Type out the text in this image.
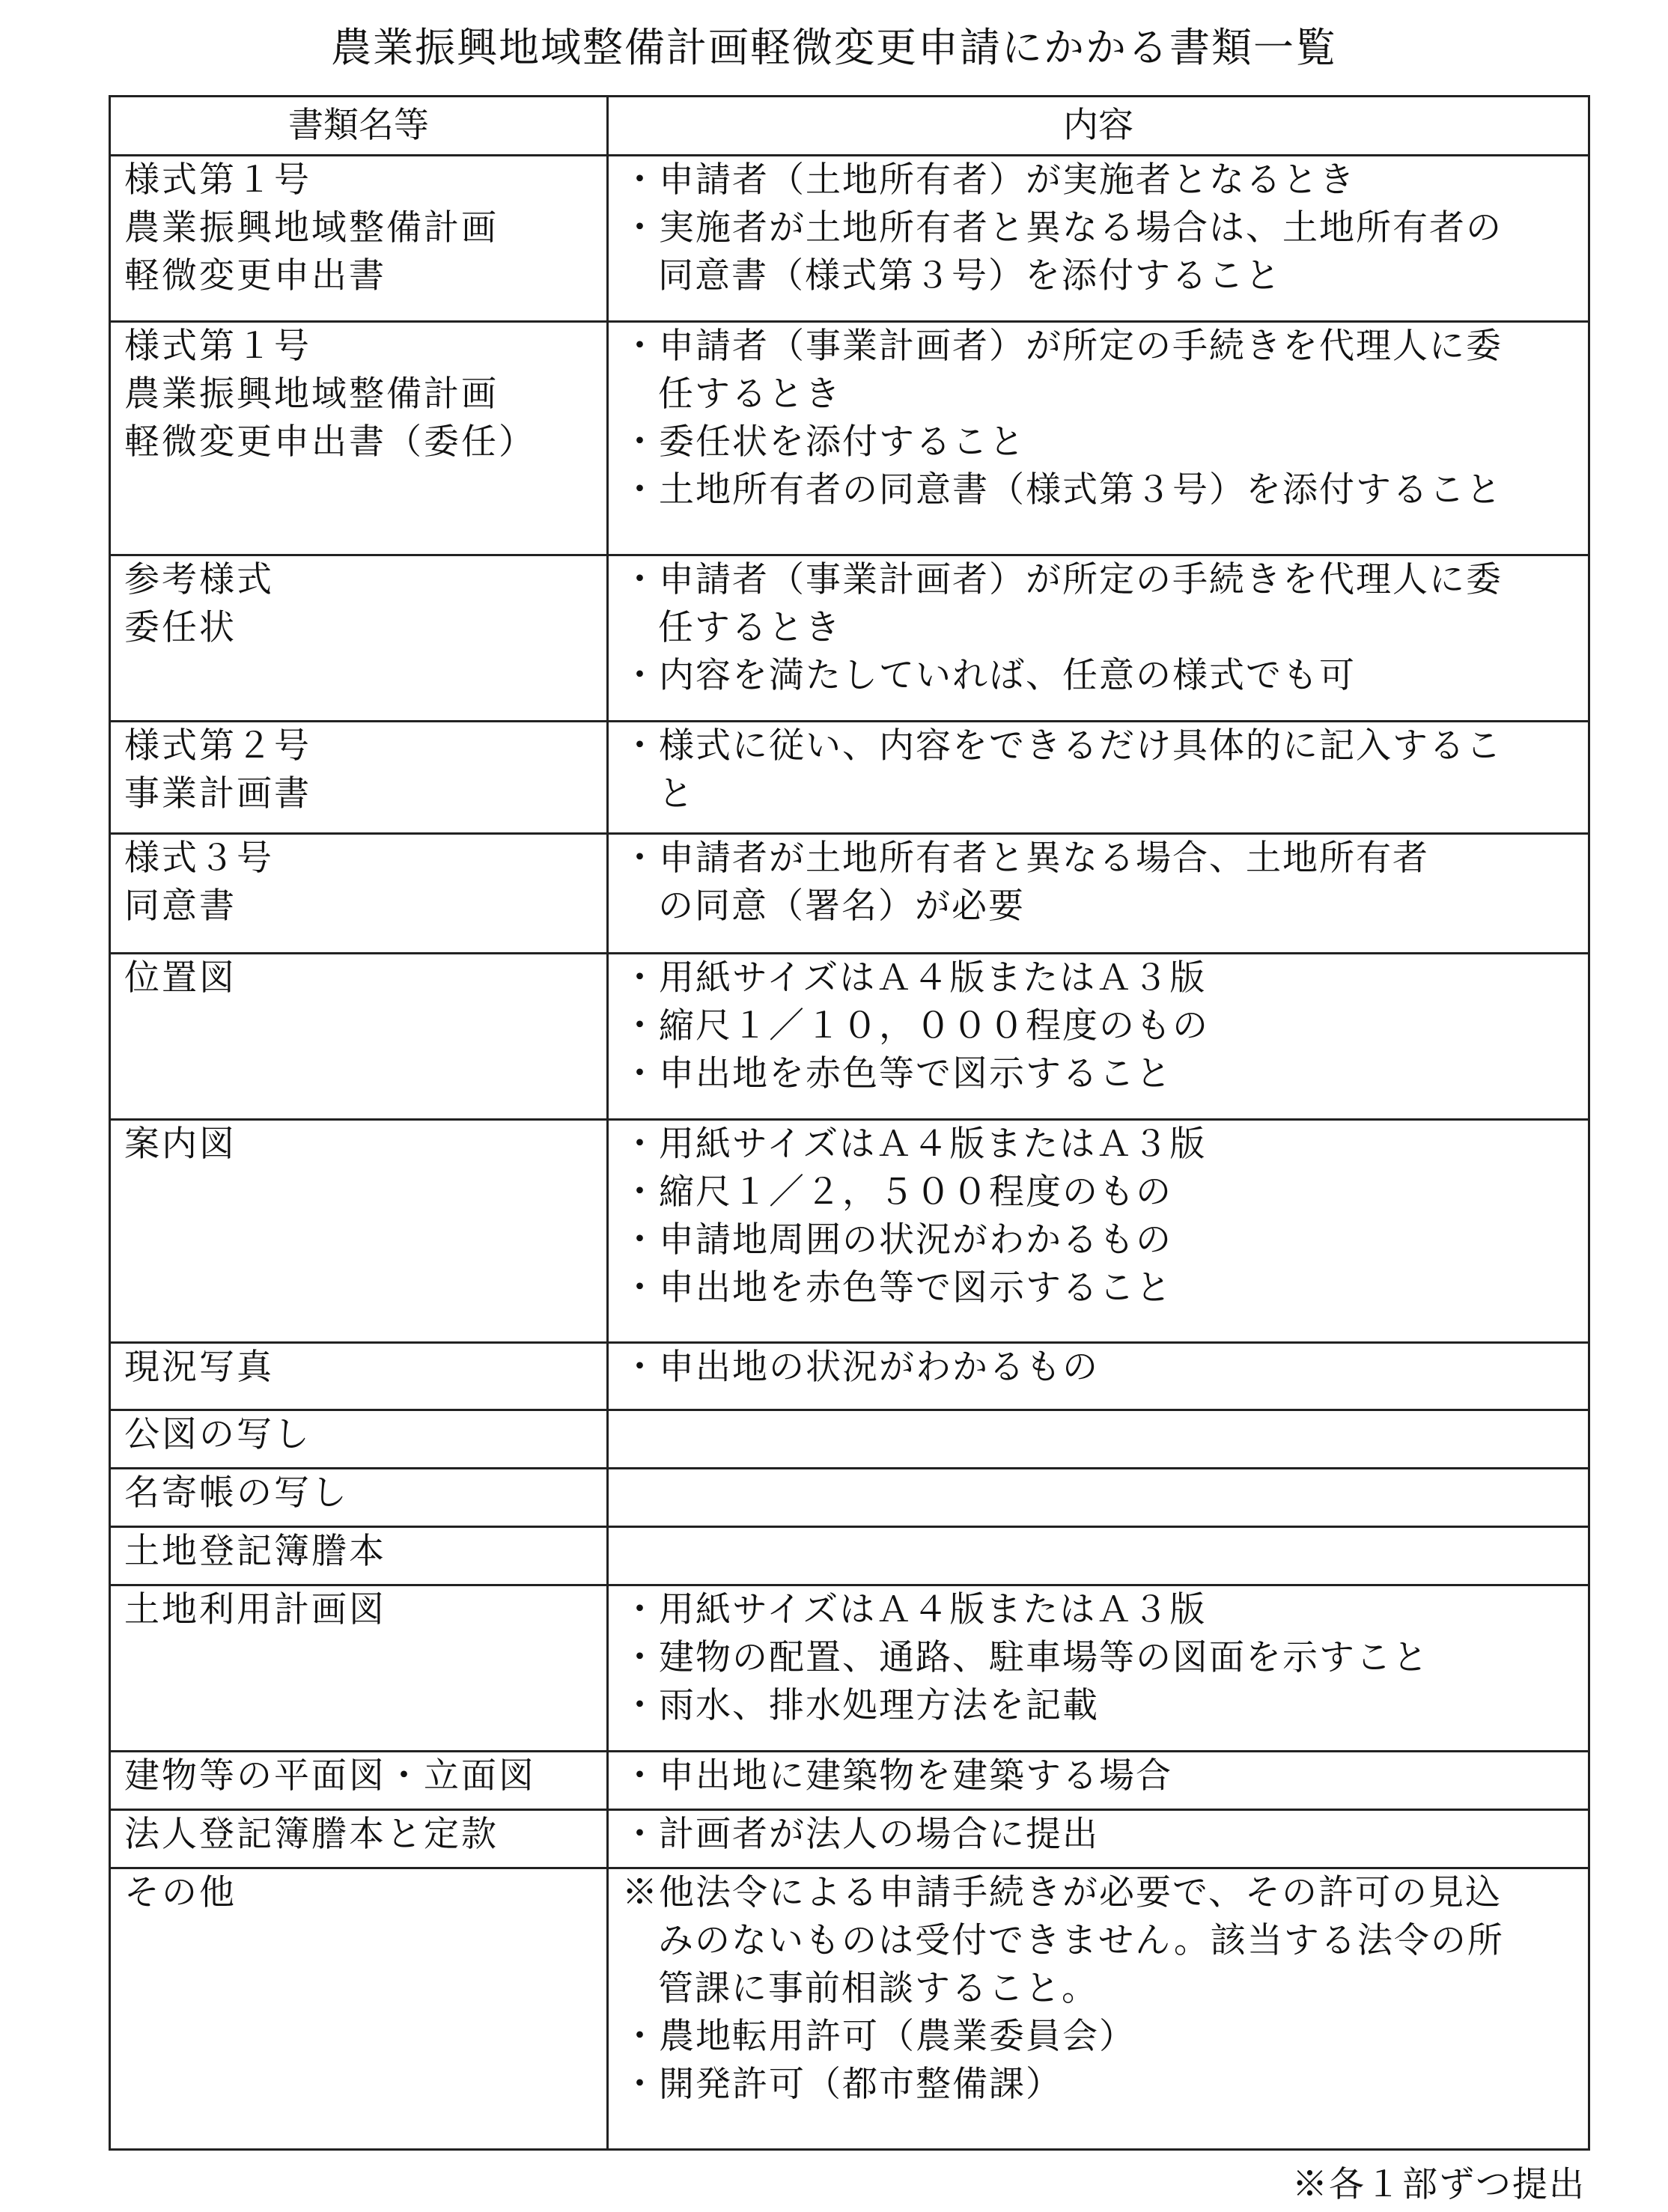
農業振興地域整備計画軽微変更申請にかかる書類一覧
書類名等	内容

様式第１号
農業振興地域整備計画
軽微変更申出書	・申請者（土地所有者）が実施者となるとき
・実施者が土地所有者と異なる場合は、土地所有者の
同意書（様式第３号）を添付すること

様式第１号
農業振興地域整備計画
軽微変更申出書（委任）	・申請者（事業計画者）が所定の手続きを代理人に委
任するとき
・委任状を添付すること
・土地所有者の同意書（様式第３号）を添付すること

参考様式
委任状	・申請者（事業計画者）が所定の手続きを代理人に委
任するとき
・内容を満たしていれば、任意の様式でも可

様式第２号
事業計画書	・様式に従い、内容をできるだけ具体的に記入するこ
と

様式３号
同意書	・申請者が土地所有者と異なる場合、土地所有者
の同意（署名）が必要

位置図	・用紙サイズはＡ４版またはＡ３版
・縮尺１／１０，０００程度のもの
・申出地を赤色等で図示すること

案内図	・用紙サイズはＡ４版またはＡ３版
・縮尺１／２，５００程度のもの
・申請地周囲の状況がわかるもの
・申出地を赤色等で図示すること

現況写真	・申出地の状況がわかるもの

公図の写し	

名寄帳の写し	

土地登記簿謄本	

土地利用計画図	・用紙サイズはＡ４版またはＡ３版
・建物の配置、通路、駐車場等の図面を示すこと
・雨水、排水処理方法を記載

建物等の平面図・立面図	・申出地に建築物を建築する場合

法人登記簿謄本と定款	・計画者が法人の場合に提出

その他	※他法令による申請手続きが必要で、その許可の見込
みのないものは受付できません。該当する法令の所
管課に事前相談すること。
・農地転用許可（農業委員会）
・開発許可（都市整備課）
※各１部ずつ提出
